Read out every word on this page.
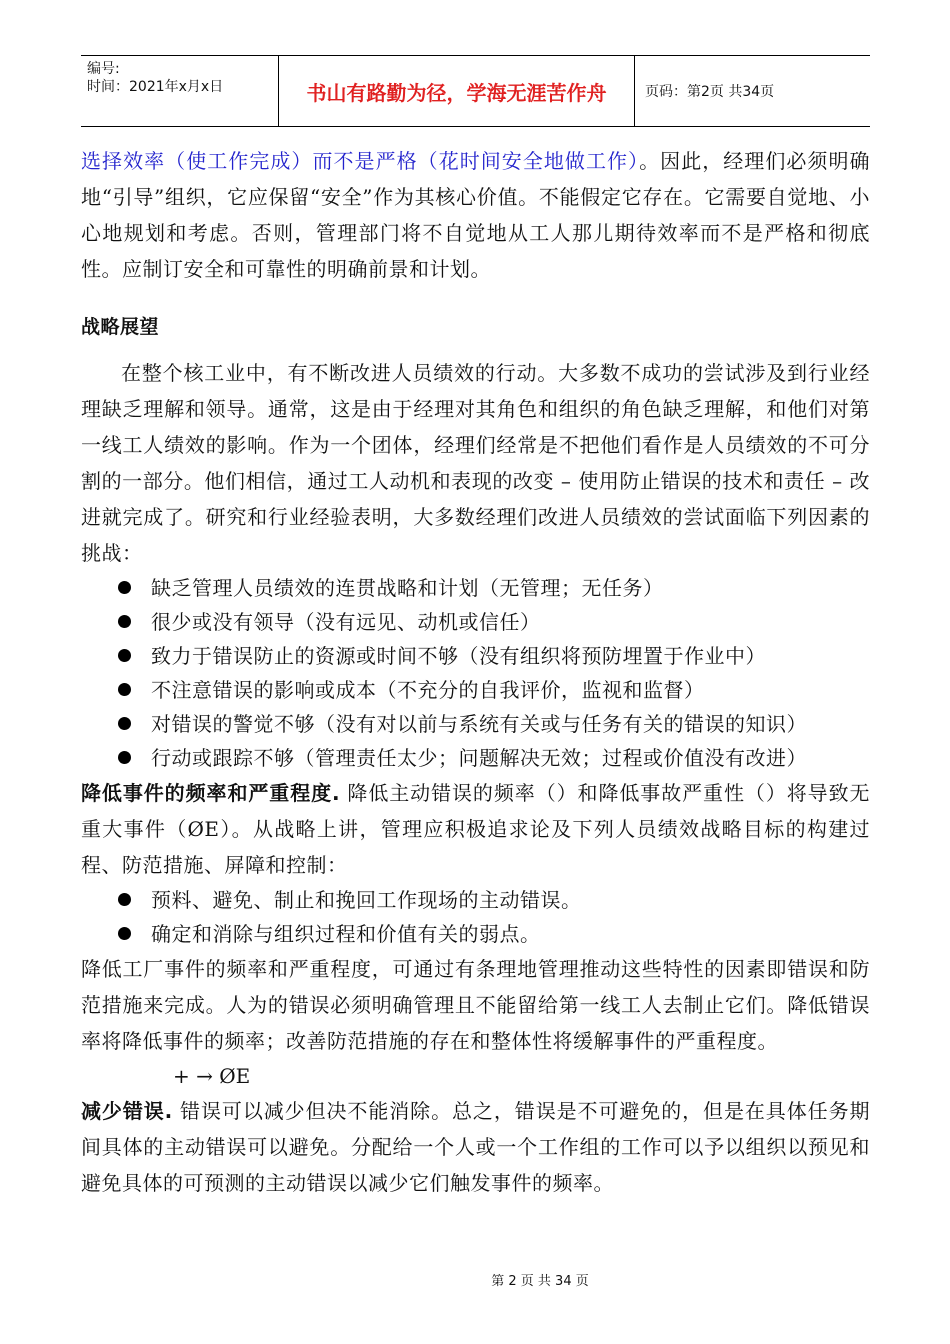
编号:
时间：2021年x月x日	书山有路勤为径，学海无涯苦作舟	页码：第2页 共34页

选择效率（使工作完成）而不是严格（花时间安全地做工作）。因此，经理们必须明确地“引导”组织，它应保留“安全”作为其核心价值。不能假定它存在。它需要自觉地、小心地规划和考虑。否则，管理部门将不自觉地从工人那儿期待效率而不是严格和彻底性。应制订安全和可靠性的明确前景和计划。

战略展望

在整个核工业中，有不断改进人员绩效的行动。大多数不成功的尝试涉及到行业经理缺乏理解和领导。通常，这是由于经理对其角色和组织的角色缺乏理解，和他们对第一线工人绩效的影响。作为一个团体，经理们经常是不把他们看作是人员绩效的不可分割的一部分。他们相信，通过工人动机和表现的改变 – 使用防止错误的技术和责任 – 改进就完成了。研究和行业经验表明，大多数经理们改进人员绩效的尝试面临下列因素的挑战：

缺乏管理人员绩效的连贯战略和计划（无管理；无任务）
很少或没有领导（没有远见、动机或信任）
致力于错误防止的资源或时间不够（没有组织将预防埋置于作业中）
不注意错误的影响或成本（不充分的自我评价，监视和监督）
对错误的警觉不够（没有对以前与系统有关或与任务有关的错误的知识）
行动或跟踪不够（管理责任太少；问题解决无效；过程或价值没有改进）

降低事件的频率和严重程度. 降低主动错误的频率（）和降低事故严重性（）将导致无重大事件（ØE）。从战略上讲，管理应积极追求论及下列人员绩效战略目标的构建过程、防范措施、屏障和控制：

预料、避免、制止和挽回工作现场的主动错误。
确定和消除与组织过程和价值有关的弱点。

降低工厂事件的频率和严重程度，可通过有条理地管理推动这些特性的因素即错误和防范措施来完成。人为的错误必须明确管理且不能留给第一线工人去制止它们。降低错误率将降低事件的频率；改善防范措施的存在和整体性将缓解事件的严重程度。

+ → ØE

减少错误. 错误可以减少但决不能消除。总之，错误是不可避免的，但是在具体任务期间具体的主动错误可以避免。分配给一个人或一个工作组的工作可以予以组织以预见和避免具体的可预测的主动错误以减少它们触发事件的频率。

第 2 页 共 34 页
